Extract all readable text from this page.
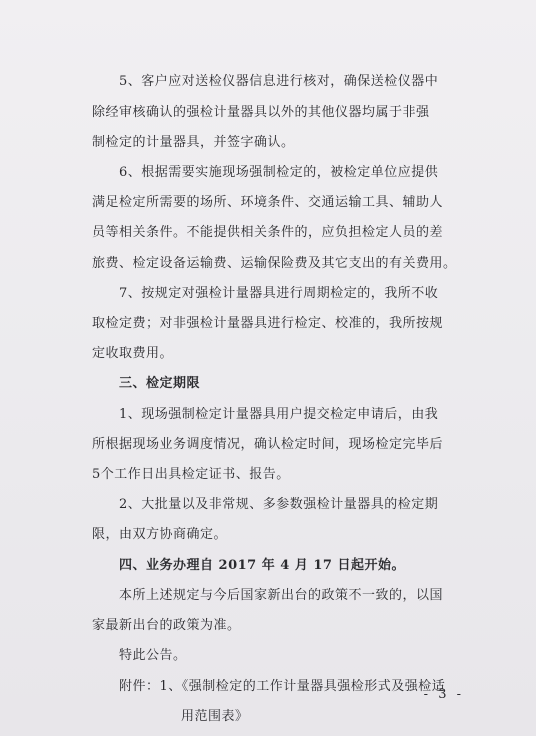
5、客户应对送检仪器信息进行核对，确保送检仪器中
除经审核确认的强检计量器具以外的其他仪器均属于非强
制检定的计量器具，并签字确认。
6、根据需要实施现场强制检定的，被检定单位应提供
满足检定所需要的场所、环境条件、交通运输工具、辅助人
员等相关条件。不能提供相关条件的，应负担检定人员的差
旅费、检定设备运输费、运输保险费及其它支出的有关费用。
7、按规定对强检计量器具进行周期检定的，我所不收
取检定费；对非强检计量器具进行检定、校准的，我所按规
定收取费用。
三、检定期限
1、现场强制检定计量器具用户提交检定申请后，由我
所根据现场业务调度情况，确认检定时间，现场检定完毕后
5个工作日出具检定证书、报告。
2、大批量以及非常规、多参数强检计量器具的检定期
限，由双方协商确定。
四、业务办理自 2017 年 4 月 17 日起开始。
本所上述规定与今后国家新出台的政策不一致的，以国
家最新出台的政策为准。
特此公告。
附件：1、《强制检定的工作计量器具强检形式及强检适
用范围表》
- 3 -
